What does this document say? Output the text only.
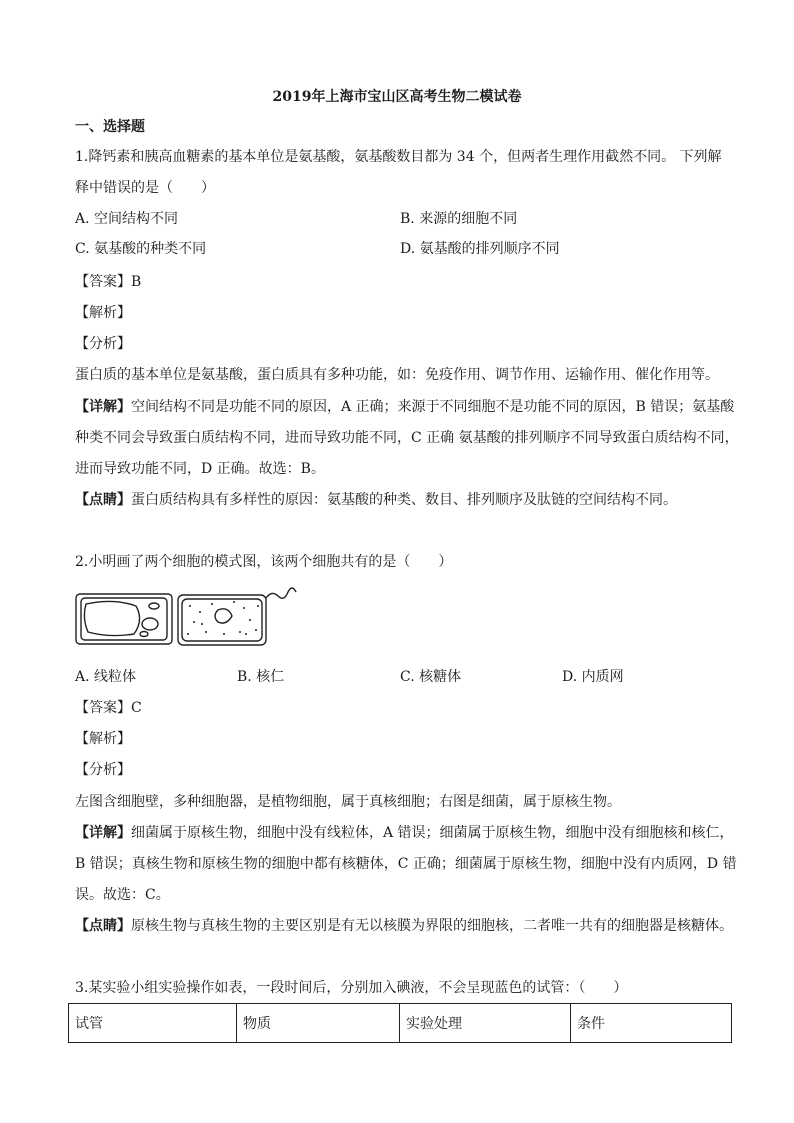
2019年上海市宝山区高考生物二模试卷
一、选择题
1.降钙素和胰高血糖素的基本单位是氨基酸，氨基酸数目都为 34 个，但两者生理作用截然不同。 下列解
释中错误的是（　　）
A. 空间结构不同	B. 来源的细胞不同
C. 氨基酸的种类不同	D. 氨基酸的排列顺序不同
【答案】B
【解析】
【分析】
蛋白质的基本单位是氨基酸，蛋白质具有多种功能，如：免疫作用、调节作用、运输作用、催化作用等。
【详解】空间结构不同是功能不同的原因，A 正确；来源于不同细胞不是功能不同的原因，B 错误；氨基酸
种类不同会导致蛋白质结构不同，进而导致功能不同，C 正确 氨基酸的排列顺序不同导致蛋白质结构不同，
进而导致功能不同，D 正确。故选：B。
【点睛】蛋白质结构具有多样性的原因：氨基酸的种类、数目、排列顺序及肽链的空间结构不同。
2.小明画了两个细胞的模式图，该两个细胞共有的是（　　）
A. 线粒体	B. 核仁	C. 核糖体	D. 内质网
【答案】C
【解析】
【分析】
左图含细胞壁，多种细胞器，是植物细胞，属于真核细胞；右图是细菌，属于原核生物。
【详解】细菌属于原核生物，细胞中没有线粒体，A 错误；细菌属于原核生物，细胞中没有细胞核和核仁，
B 错误；真核生物和原核生物的细胞中都有核糖体，C 正确；细菌属于原核生物，细胞中没有内质网，D 错
误。故选：C。
【点睛】原核生物与真核生物的主要区别是有无以核膜为界限的细胞核，二者唯一共有的细胞器是核糖体。
3.某实验小组实验操作如表，一段时间后，分别加入碘液，不会呈现蓝色的试管：（　　）
试管	物质	实验处理	条件
